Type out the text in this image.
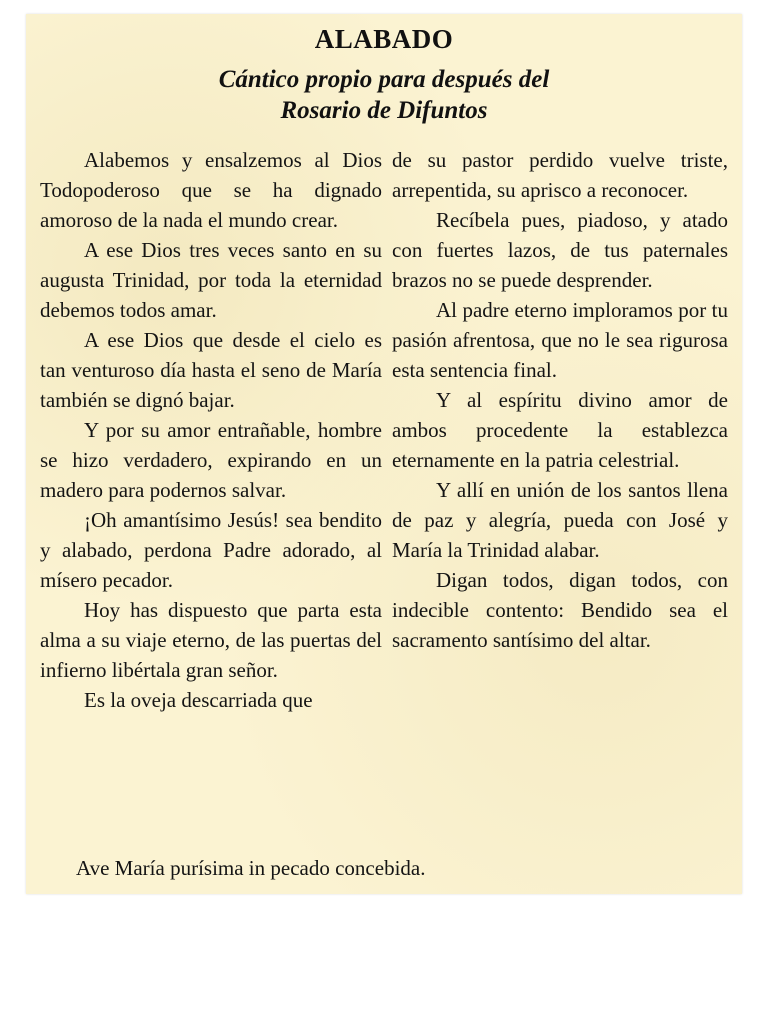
ALABADO
Cántico propio para después del
Rosario de Difuntos

Alabemos y ensalzemos al Dios Todopoderoso que se ha dignado amoroso de la nada el mundo crear.

A ese Dios tres veces santo en su augusta Trinidad, por toda la eternidad debemos todos amar.

A ese Dios que desde el cielo es tan venturoso día hasta el seno de María también se dignó bajar.

Y por su amor entrañable, hombre se hizo verdadero, expirando en un madero para podernos salvar.

¡Oh amantísimo Jesús! sea bendito y alabado, perdona Padre adorado, al mísero pecador.

Hoy has dispuesto que parta esta alma a su viaje eterno, de las puertas del infierno libértala gran señor.

Es la oveja descarriada que

de su pastor perdido vuelve triste, arrepentida, su aprisco a reconocer.

Recíbela pues, piadoso, y atado con fuertes lazos, de tus paternales brazos no se puede desprender.

Al padre eterno imploramos por tu pasión afrentosa, que no le sea rigurosa esta sentencia final.

Y al espíritu divino amor de ambos procedente la establezca eternamente en la patria celestrial.

Y allí en unión de los santos llena de paz y alegría, pueda con José y María la Trinidad alabar.

Digan todos, digan todos, con indecible contento: Bendido sea el sacramento santísimo del altar.

Ave María purísima in pecado concebida.
